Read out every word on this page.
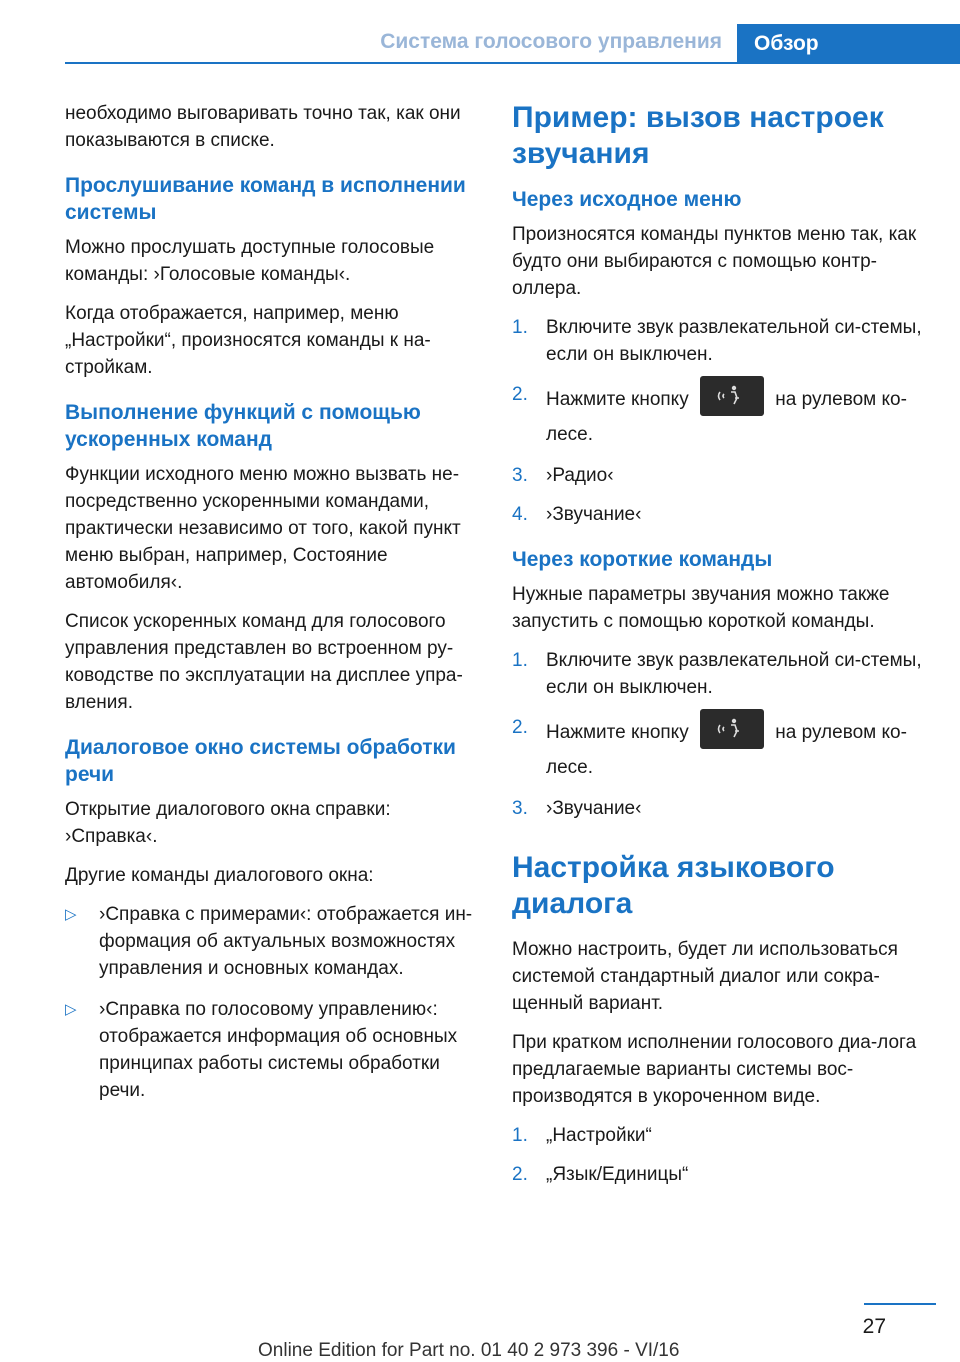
Система голосового управления	Обзор

необходимо выговаривать точно так, как они показываются в списке.

Прослушивание команд в исполнении системы

Можно прослушать доступные голосовые команды: ›Голосовые команды‹.

Когда отображается, например, меню „Настройки“, произносятся команды к на-стройкам.

Выполнение функций с помощью ускоренных команд

Функции исходного меню можно вызвать не-посредственно ускоренными командами, практически независимо от того, какой пункт меню выбран, например, Состояние автомобиля‹.

Список ускоренных команд для голосового управления представлен во встроенном ру-ководстве по эксплуатации на дисплее упра-вления.

Диалоговое окно системы обработки речи

Открытие диалогового окна справки: ›Справка‹.

Другие команды диалогового окна:

▷ ›Справка с примерами‹: отображается ин-формация об актуальных возможностях управления и основных командах.
▷ ›Справка по голосовому управлению‹: отображается информация об основных принципах работы системы обработки речи.
Пример: вызов настроек звучания
Через исходное меню

Произносятся команды пунктов меню так, как будто они выбираются с помощью контр-оллера.

1. Включите звук развлекательной си-стемы, если он выключен.
2. Нажмите кнопку	на рулевом ко-лесе.
3. ›Радио‹
4. ›Звучание‹
Через короткие команды

Нужные параметры звучания можно также запустить с помощью короткой команды.

1. Включите звук развлекательной си-стемы, если он выключен.
2. Нажмите кнопку	на рулевом ко-лесе.
3. ›Звучание‹
Настройка языкового диалога

Можно настроить, будет ли использоваться системой стандартный диалог или сокра-щенный вариант.

При кратком исполнении голосового диа-лога предлагаемые варианты системы вос-производятся в укороченном виде.

1. „Настройки“
2. „Язык/Единицы“
27
Online Edition for Part no. 01 40 2 973 396 - VI/16
